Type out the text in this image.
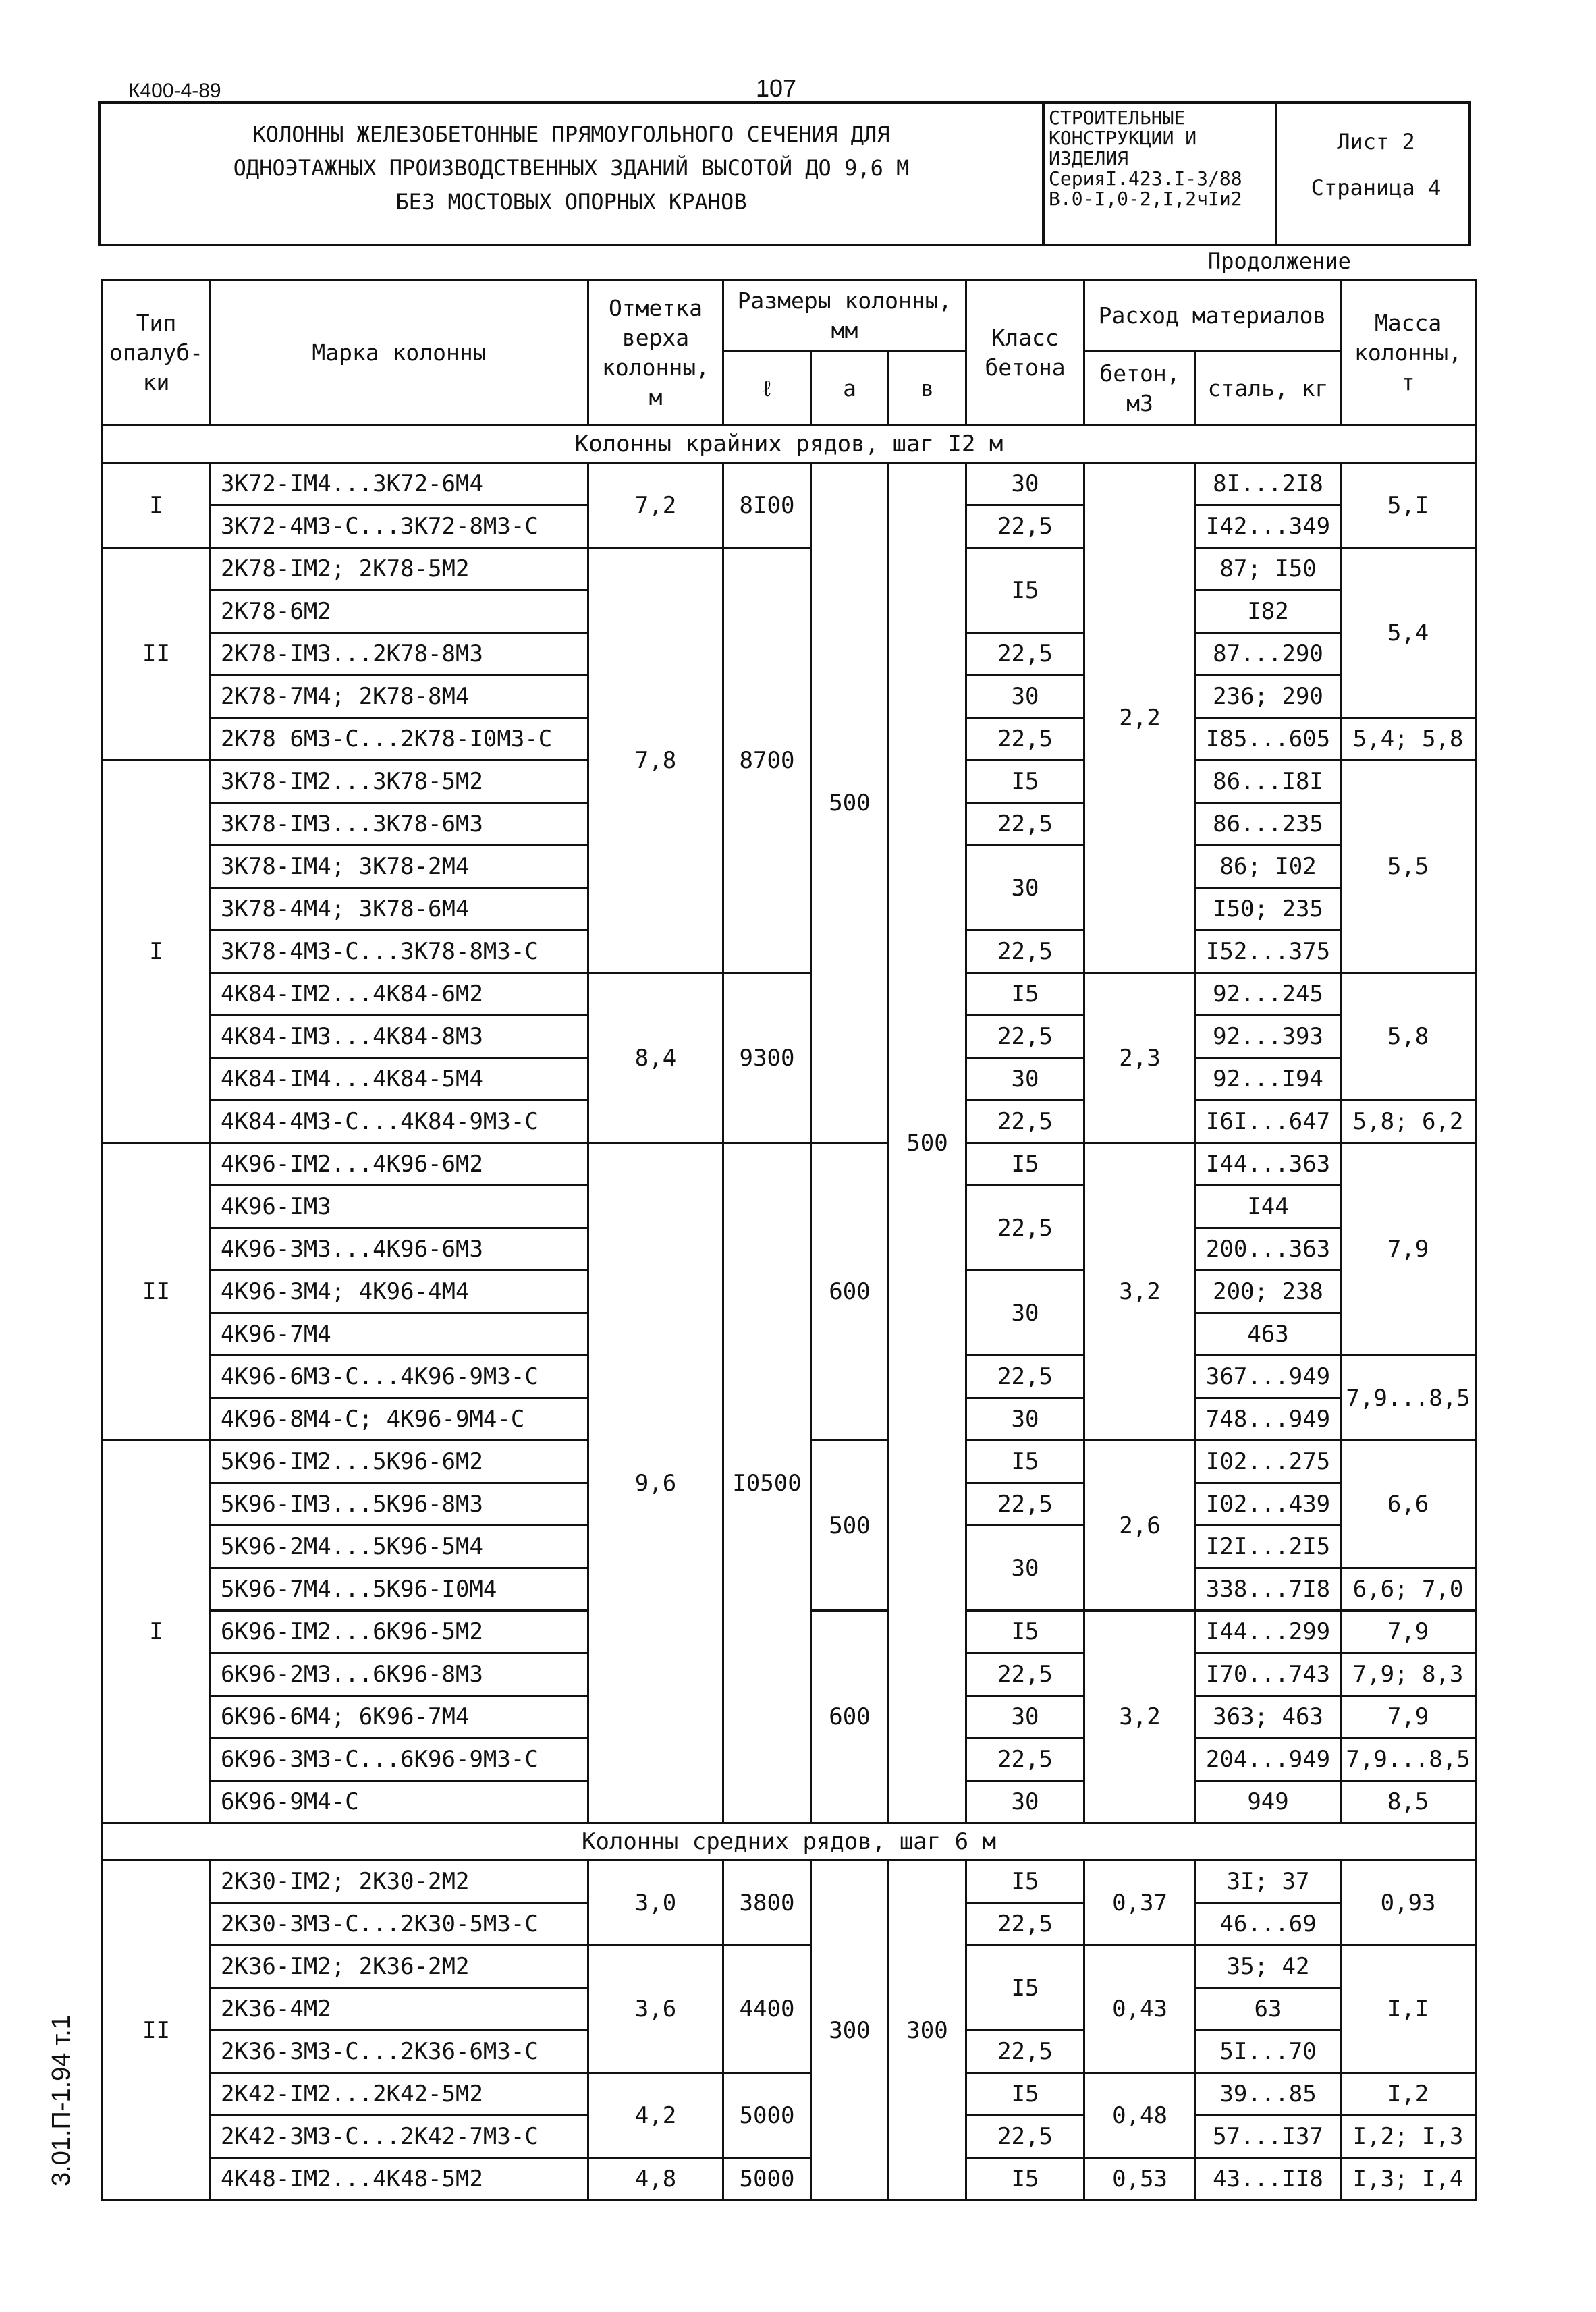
К400-4-89	107
3.01.П-1.94 т.1
КОЛОННЫ ЖЕЛЕЗОБЕТОННЫЕ ПРЯМОУГОЛЬНОГО СЕЧЕНИЯ ДЛЯ
ОДНОЭТАЖНЫХ ПРОИЗВОДСТВЕННЫХ ЗДАНИЙ ВЫСОТОЙ ДО 9,6 М
БЕЗ МОСТОВЫХ ОПОРНЫХ КРАНОВ
СТРОИТЕЛЬНЫЕ
КОНСТРУКЦИИ И
ИЗДЕЛИЯ
СерияI.423.I-3/88
В.0-I,0-2,I,2чIи2
Лист 2
Страница 4
Продолжение
Тип опалуб- ки	Марка колонны	Отметка верха колонны, м	Размеры колонны, мм			Класс бетона	Расход материалов		Масса колонны, т
			ℓ	а	в		бетон, м3	сталь, кг	
Колонны крайних рядов, шаг I2 м									
I	3К72-IМ4...3К72-6М4	7,2	8I00	500	500	30	2,2	8I...2I8	5,I
	3К72-4М3-С...3К72-8М3-С					22,5		I42...349	
II	2К78-IМ2; 2К78-5М2	7,8	8700			I5		87; I50	5,4
	2К78-6М2							I82	
	2К78-IМ3...2К78-8М3					22,5		87...290	
	2К78-7М4; 2К78-8М4					30		236; 290	
	2К78 6М3-С...2К78-I0М3-С					22,5		I85...605	5,4; 5,8
I	3К78-IМ2...3К78-5М2					I5		86...I8I	5,5
	3К78-IМ3...3К78-6М3					22,5		86...235	
	3К78-IМ4; 3К78-2М4					30		86; I02	
	3К78-4М4; 3К78-6М4							I50; 235	
	3К78-4М3-С...3К78-8М3-С					22,5		I52...375	
	4К84-IМ2...4К84-6М2	8,4	9300			I5	2,3	92...245	5,8
	4К84-IМ3...4К84-8М3					22,5		92...393	
	4К84-IМ4...4К84-5М4					30		92...I94	
	4К84-4М3-С...4К84-9М3-С					22,5		I6I...647	5,8; 6,2
II	4К96-IМ2...4К96-6М2	9,6	I0500	600		I5	3,2	I44...363	7,9
	4К96-IМ3					22,5		I44	
	4К96-3М3...4К96-6М3							200...363	
	4К96-3М4; 4К96-4М4					30		200; 238	
	4К96-7М4							463	
	4К96-6М3-С...4К96-9М3-С					22,5		367...949	7,9...8,5
	4К96-8М4-С; 4К96-9М4-С					30		748...949	
I	5К96-IМ2...5К96-6М2			500		I5	2,6	I02...275	6,6
	5К96-IМ3...5К96-8М3					22,5		I02...439	
	5К96-2М4...5К96-5М4					30		I2I...2I5	
	5К96-7М4...5К96-I0М4							338...7I8	6,6; 7,0
	6К96-IМ2...6К96-5М2			600		I5	3,2	I44...299	7,9
	6К96-2М3...6К96-8М3					22,5		I70...743	7,9; 8,3
	6К96-6М4; 6К96-7М4					30		363; 463	7,9
	6К96-3М3-С...6К96-9М3-С					22,5		204...949	7,9...8,5
	6К96-9М4-С					30		949	8,5
Колонны средних рядов, шаг 6 м									
II	2К30-IМ2; 2К30-2М2	3,0	3800	300	300	I5	0,37	3I; 37	0,93
	2К30-3М3-С...2К30-5М3-С					22,5		46...69	
	2К36-IМ2; 2К36-2М2	3,6	4400			I5	0,43	35; 42	I,I
	2К36-4М2							63	
	2К36-3М3-С...2К36-6М3-С					22,5		5I...70	
	2К42-IМ2...2К42-5М2	4,2	5000			I5	0,48	39...85	I,2
	2К42-3М3-С...2К42-7М3-С					22,5		57...I37	I,2; I,3
	4К48-IМ2...4К48-5М2	4,8	5000			I5	0,53	43...II8	I,3; I,4
